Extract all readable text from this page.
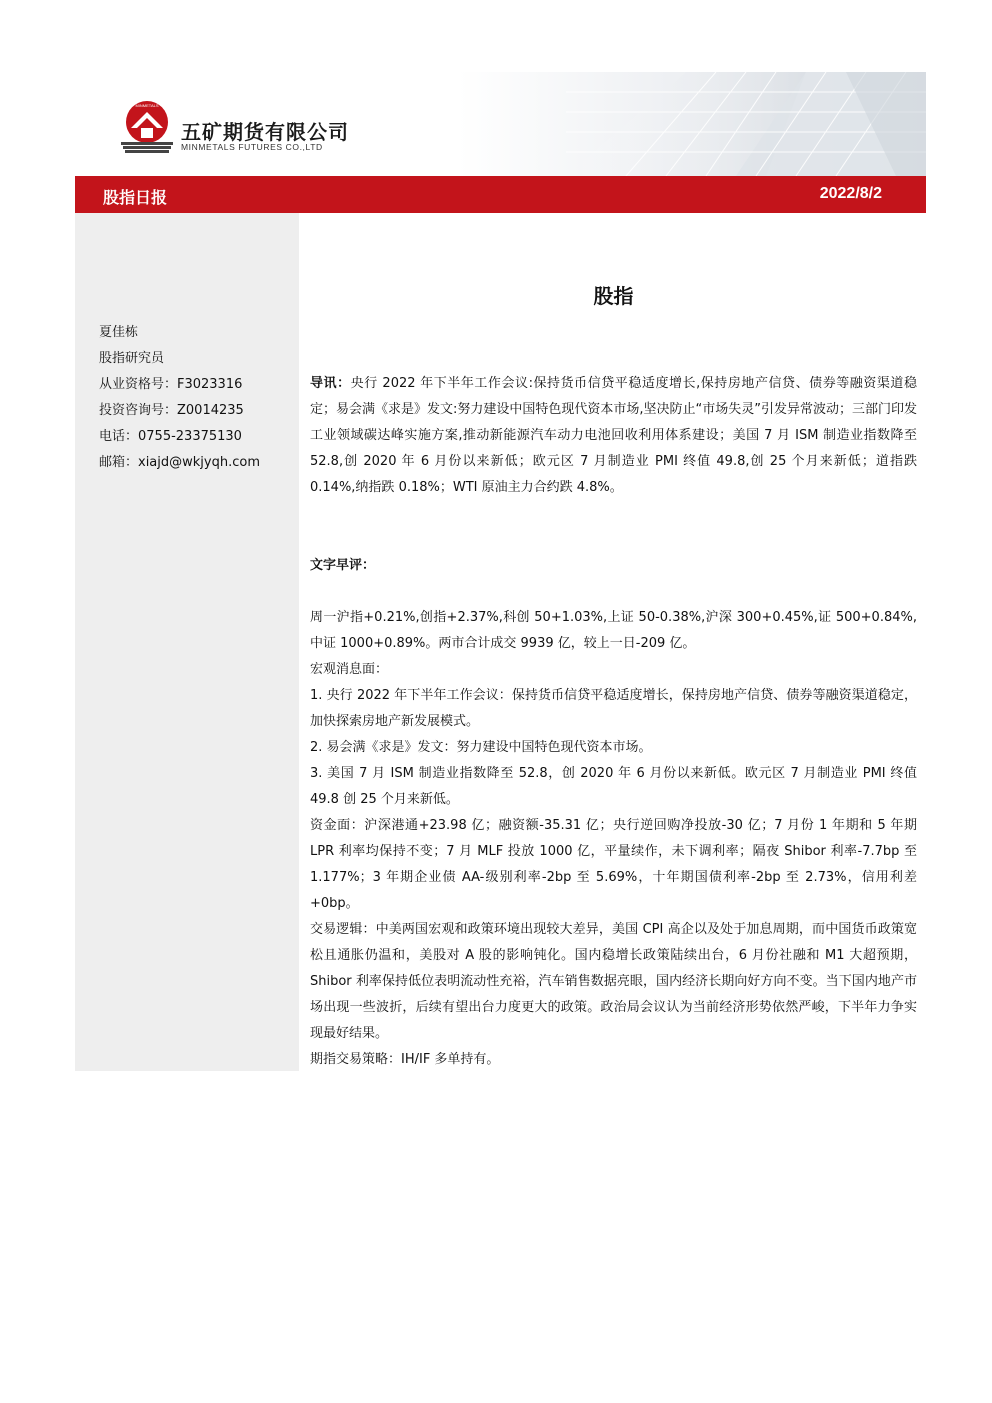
MINMETALS
五矿期货有限公司
MINMETALS FUTURES CO.,LTD
股指日报	2022/8/2
夏佳栋
股指研究员
从业资格号：F3023316
投资咨询号：Z0014235
电话：0755-23375130
邮箱：xiajd@wkjyqh.com
股指
导讯：央行 2022 年下半年工作会议:保持货币信贷平稳适度增长,保持房地产信贷、债券等融资渠道稳定；易会满《求是》发文:努力建设中国特色现代资本市场,坚决防止“市场失灵”引发异常波动；三部门印发工业领域碳达峰实施方案,推动新能源汽车动力电池回收利用体系建设；美国 7 月 ISM 制造业指数降至 52.8,创 2020 年 6 月份以来新低；欧元区 7 月制造业 PMI 终值 49.8,创 25 个月来新低；道指跌 0.14%,纳指跌 0.18%；WTI 原油主力合约跌 4.8%。
文字早评：
周一沪指+0.21%,创指+2.37%,科创 50+1.03%,上证 50-0.38%,沪深 300+0.45%,证 500+0.84%,中证 1000+0.89%。两市合计成交 9939 亿，较上一日-209 亿。
宏观消息面：
1. 央行 2022 年下半年工作会议：保持货币信贷平稳适度增长，保持房地产信贷、债券等融资渠道稳定，加快探索房地产新发展模式。
2. 易会满《求是》发文：努力建设中国特色现代资本市场。
3. 美国 7 月 ISM 制造业指数降至 52.8，创 2020 年 6 月份以来新低。欧元区 7 月制造业 PMI 终值 49.8 创 25 个月来新低。
资金面：沪深港通+23.98 亿；融资额-35.31 亿；央行逆回购净投放-30 亿；7 月份 1 年期和 5 年期 LPR 利率均保持不变；7 月 MLF 投放 1000 亿，平量续作，未下调利率；隔夜 Shibor 利率-7.7bp 至 1.177%；3 年期企业债 AA-级别利率-2bp 至 5.69%，十年期国债利率-2bp 至 2.73%，信用利差+0bp。
交易逻辑：中美两国宏观和政策环境出现较大差异，美国 CPI 高企以及处于加息周期，而中国货币政策宽松且通胀仍温和，美股对 A 股的影响钝化。国内稳增长政策陆续出台，6 月份社融和 M1 大超预期，Shibor 利率保持低位表明流动性充裕，汽车销售数据亮眼，国内经济长期向好方向不变。当下国内地产市场出现一些波折，后续有望出台力度更大的政策。政治局会议认为当前经济形势依然严峻，下半年力争实现最好结果。
期指交易策略：IH/IF 多单持有。
